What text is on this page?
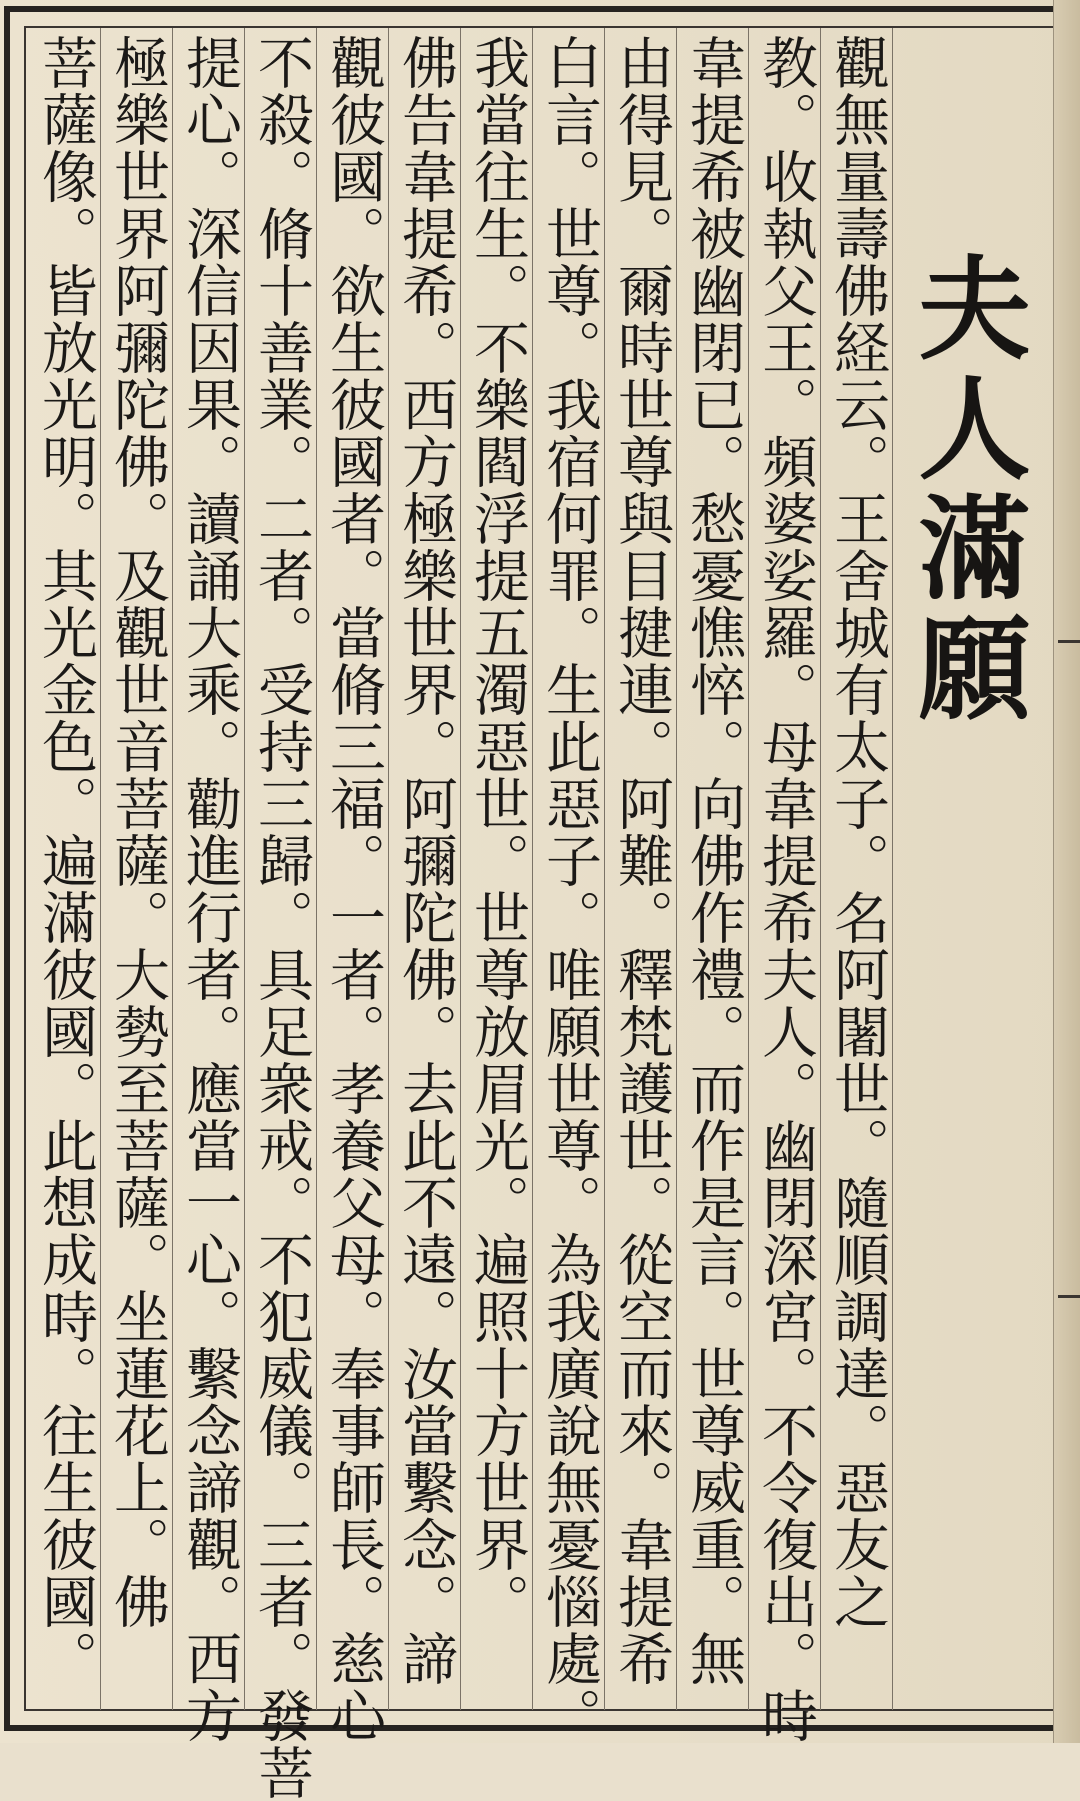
夫人滿願
觀無量壽佛経云。王舍城有太子。名阿闍世。隨順調達。惡友之
教。收執父王。頻婆娑羅。母韋提希夫人。幽閉深宮。不令復出。時
韋提希被幽閉已。愁憂憔悴。向佛作禮。而作是言。世尊威重。無
由得見。爾時世尊與目揵連。阿難。釋梵護世。從空而來。韋提希
白言。世尊。我宿何罪。生此惡子。唯願世尊。為我廣說無憂惱處。
我當往生。不樂閻浮提五濁惡世。世尊放眉光。遍照十方世界。
佛告韋提希。西方極樂世界。阿彌陀佛。去此不遠。汝當繫念。諦
觀彼國。欲生彼國者。當脩三福。一者。孝養父母。奉事師長。慈心
不殺。脩十善業。二者。受持三歸。具足衆戒。不犯威儀。三者。發菩
提心。深信因果。讀誦大乘。勸進行者。應當一心。繫念諦觀。西方
極樂世界阿彌陀佛。及觀世音菩薩。大勢至菩薩。坐蓮花上。佛
菩薩像。皆放光明。其光金色。遍滿彼國。此想成時。往生彼國。
